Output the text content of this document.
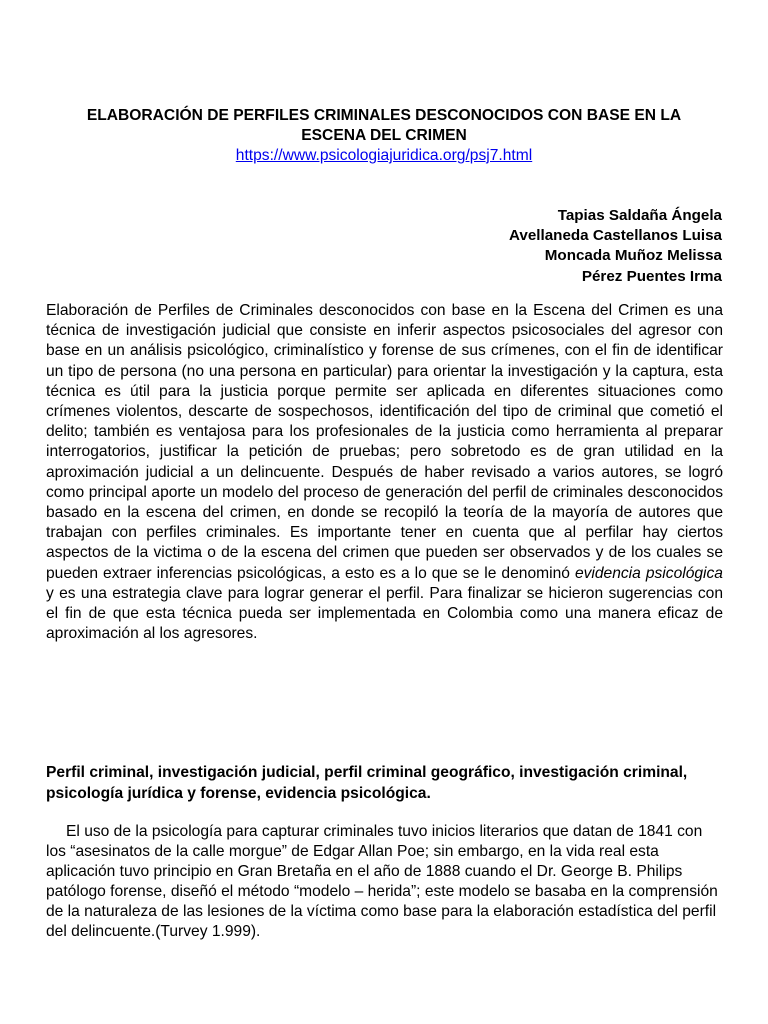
ELABORACIÓN DE PERFILES CRIMINALES DESCONOCIDOS CON BASE EN LA
ESCENA DEL CRIMEN
https://www.psicologiajuridica.org/psj7.html
Tapias Saldaña Ángela
Avellaneda Castellanos Luisa
Moncada Muñoz Melissa
Pérez Puentes Irma

Elaboración de Perfiles de Criminales desconocidos con base en la Escena del Crimen es una técnica de investigación judicial que consiste en inferir aspectos psicosociales del agresor con base en un análisis psicológico, criminalístico y forense de sus crímenes, con el fin de identificar un tipo de persona (no una persona en particular) para orientar la investigación y la captura, esta técnica es útil para la justicia porque permite ser aplicada en diferentes situaciones como crímenes violentos, descarte de sospechosos, identificación del tipo de criminal que cometió el delito; también es ventajosa para los profesionales de la justicia como herramienta al preparar interrogatorios, justificar la petición de pruebas; pero sobretodo es de gran utilidad en la aproximación judicial a un delincuente. Después de haber revisado a varios autores, se logró como principal aporte un modelo del proceso de generación del perfil de criminales desconocidos basado en la escena del crimen, en donde se recopiló la teoría de la mayoría de autores que trabajan con perfiles criminales. Es importante tener en cuenta que al perfilar hay ciertos aspectos de la victima o de la escena del crimen que pueden ser observados y de los cuales se pueden extraer inferencias psicológicas, a esto es a lo que se le denominó evidencia psicológica y es una estrategia clave para lograr generar el perfil. Para finalizar se hicieron sugerencias con el fin de que esta técnica pueda ser implementada en Colombia como una manera eficaz de aproximación al los agresores.

Perfil criminal, investigación judicial, perfil criminal geográfico, investigación criminal, psicología jurídica y forense, evidencia psicológica.

El uso de la psicología para capturar criminales tuvo inicios literarios que datan de 1841 con los “asesinatos de la calle morgue” de Edgar Allan Poe; sin embargo, en la vida real esta aplicación tuvo principio en Gran Bretaña en el año de 1888 cuando el Dr. George B. Philips patólogo forense, diseñó el método “modelo – herida”; este modelo se basaba en la comprensión de la naturaleza de las lesiones de la víctima como base para la elaboración estadística del perfil del delincuente.(Turvey 1.999).
